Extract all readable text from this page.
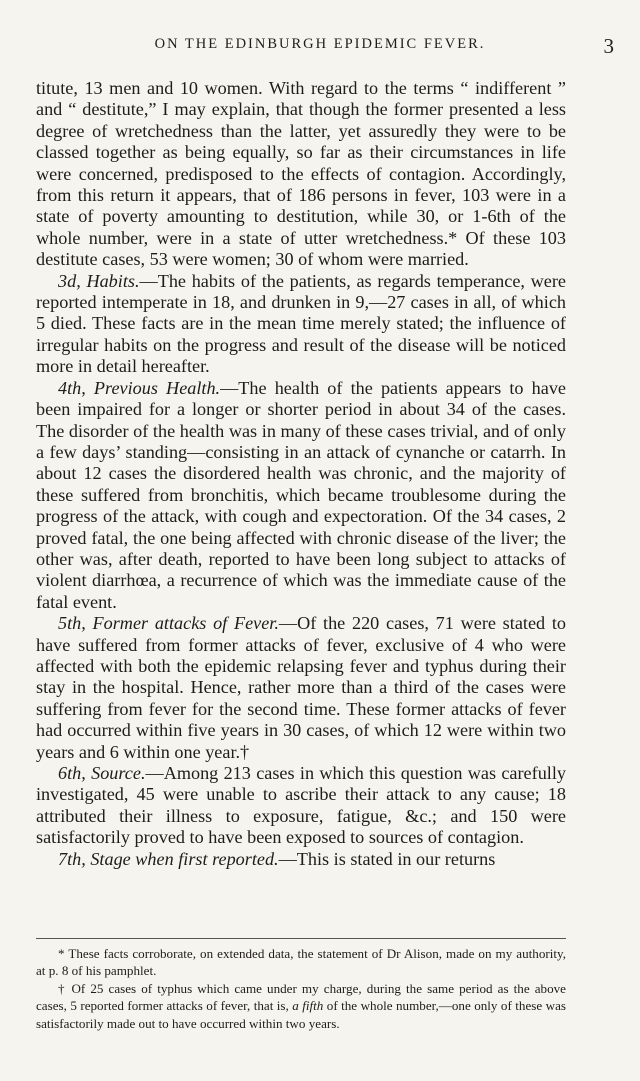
ON THE EDINBURGH EPIDEMIC FEVER.	3

titute, 13 men and 10 women. With regard to the terms “ indifferent ” and “ destitute,” I may explain, that though the former presented a less degree of wretchedness than the latter, yet assuredly they were to be classed together as being equally, so far as their circumstances in life were concerned, predisposed to the effects of contagion. Accordingly, from this return it appears, that of 186 persons in fever, 103 were in a state of poverty amounting to destitution, while 30, or 1-6th of the whole number, were in a state of utter wretchedness.* Of these 103 destitute cases, 53 were women; 30 of whom were married.

3d, Habits.—The habits of the patients, as regards temperance, were reported intemperate in 18, and drunken in 9,—27 cases in all, of which 5 died. These facts are in the mean time merely stated; the influence of irregular habits on the progress and result of the disease will be noticed more in detail hereafter.

4th, Previous Health.—The health of the patients appears to have been impaired for a longer or shorter period in about 34 of the cases. The disorder of the health was in many of these cases trivial, and of only a few days’ standing—consisting in an attack of cynanche or catarrh. In about 12 cases the disordered health was chronic, and the majority of these suffered from bronchitis, which became troublesome during the progress of the attack, with cough and expectoration. Of the 34 cases, 2 proved fatal, the one being affected with chronic disease of the liver; the other was, after death, reported to have been long subject to attacks of violent diarrhœa, a recurrence of which was the immediate cause of the fatal event.

5th, Former attacks of Fever.—Of the 220 cases, 71 were stated to have suffered from former attacks of fever, exclusive of 4 who were affected with both the epidemic relapsing fever and typhus during their stay in the hospital. Hence, rather more than a third of the cases were suffering from fever for the second time. These former attacks of fever had occurred within five years in 30 cases, of which 12 were within two years and 6 within one year.†

6th, Source.—Among 213 cases in which this question was carefully investigated, 45 were unable to ascribe their attack to any cause; 18 attributed their illness to exposure, fatigue, &c.; and 150 were satisfactorily proved to have been exposed to sources of contagion.

7th, Stage when first reported.—This is stated in our returns

* These facts corroborate, on extended data, the statement of Dr Alison, made on my authority, at p. 8 of his pamphlet.

† Of 25 cases of typhus which came under my charge, during the same period as the above cases, 5 reported former attacks of fever, that is, a fifth of the whole number,—one only of these was satisfactorily made out to have occurred within two years.
